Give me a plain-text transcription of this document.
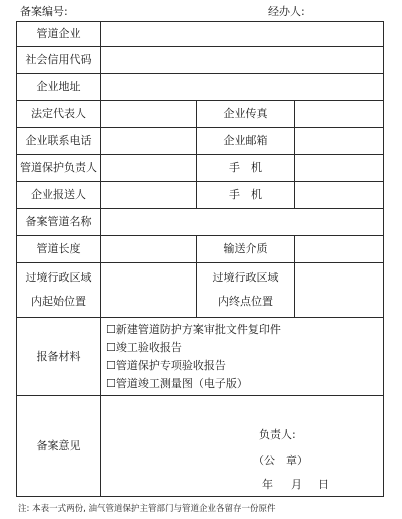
备案编号:	经办人:
管道企业			
社会信用代码			
企业地址			
法定代表人		企业传真	
企业联系电话		企业邮箱	
管道保护负责人		手　机	
企业报送人		手　机	
备案管道名称			
管道长度		输送介质	

过境行政区域
内起始位置		过境行政区域
内终点位置	

报备材料	☐新建管道防护方案审批文件复印件
☐竣工验收报告
☐管道保护专项验收报告
☐管道竣工测量图（电子版）		

备案意见	负责人:
（公　章）
年 月 日		
注: 本表一式两份, 油气管道保护主管部门与管道企业各留存一份原件
